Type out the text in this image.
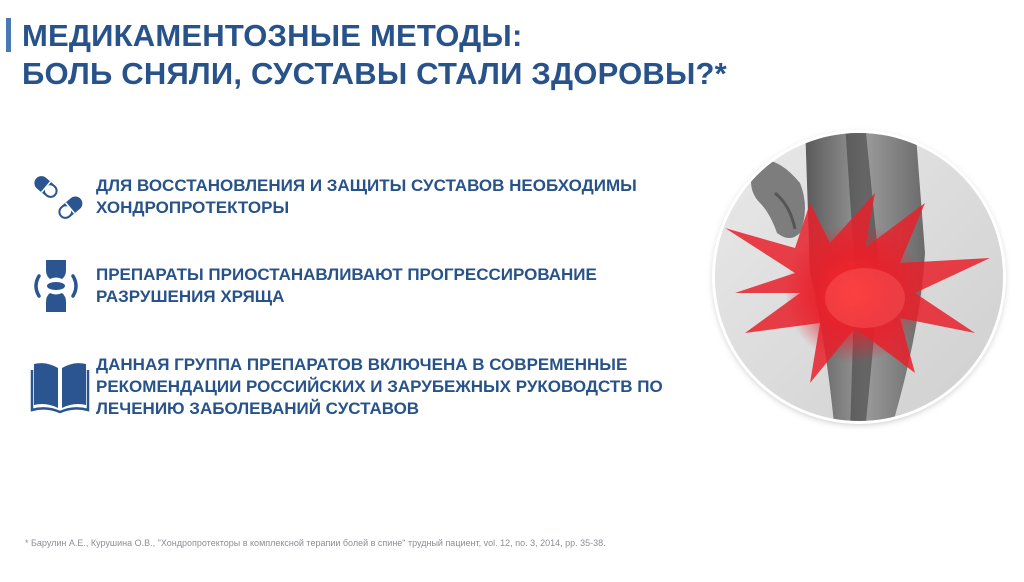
МЕДИКАМЕНТОЗНЫЕ МЕТОДЫ:
БОЛЬ СНЯЛИ, СУСТАВЫ СТАЛИ ЗДОРОВЫ?*

ДЛЯ ВОССТАНОВЛЕНИЯ И ЗАЩИТЫ СУСТАВОВ НЕОБХОДИМЫ
ХОНДРОПРОТЕКТОРЫ

ПРЕПАРАТЫ ПРИОСТАНАВЛИВАЮТ ПРОГРЕССИРОВАНИЕ
РАЗРУШЕНИЯ ХРЯЩА

ДАННАЯ ГРУППА ПРЕПАРАТОВ ВКЛЮЧЕНА В СОВРЕМЕННЫЕ
РЕКОМЕНДАЦИИ РОССИЙСКИХ И ЗАРУБЕЖНЫХ РУКОВОДСТВ ПО
ЛЕЧЕНИЮ ЗАБОЛЕВАНИЙ СУСТАВОВ

* Барулин А.Е., Курушина О.В., "Хондропротекторы в комплексной терапии болей в спине" трудный пациент, vol. 12, no. 3, 2014, pp. 35-38.
